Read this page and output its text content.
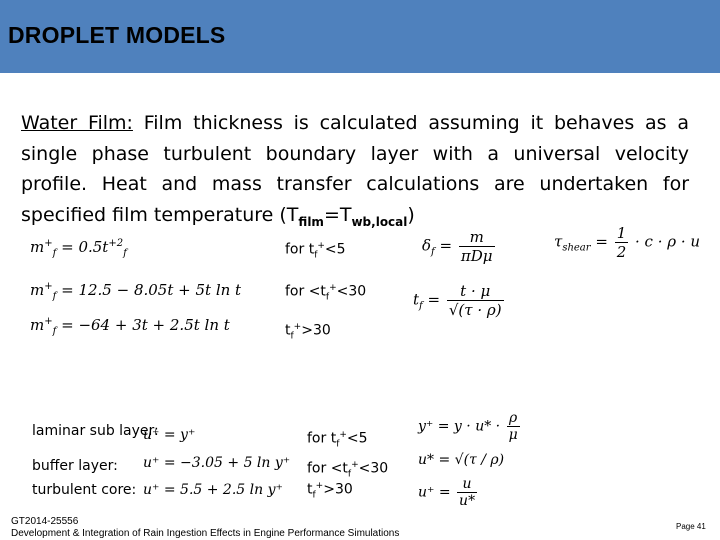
DROPLET MODELS
Water Film: Film thickness is calculated assuming it behaves as a single phase turbulent boundary layer with a universal velocity profile. Heat and mass transfer calculations are undertaken for specified film temperature $(T_{film}=T_{wb,local})$
$m^+_f = 0.5t^{+2}_f$
$m^+_f = 12.5 - 8.05t + 5t$ ln t
$m^+_f = -64 + 3t + 2.5t$ ln t
for $t_f^+<5$
for $<t_f^+<30$
$t_f^+>30$
$\delta_f = \frac{m}{\text{πDμ}}$
$t_f = \frac{t \cdot \mu}{√(\tau \cdot \rho)}$
$\tau_{shear} = \frac{1}{2} \cdot c \cdot \rho \cdot u$
laminar sub layer:
buffer layer:
turbulent core:
u⁺ = y⁺
u⁺ = −3.05 + 5 ln y⁺
u⁺ = 5.5 + 2.5 ln y⁺
for $t_f^+<5$
for $<t_f^+<30$
$t_f^+>30$
$y^+ = y \cdot u* \cdot \frac{\rho}{\mu}$
u* = √(τ / ρ)
$u^+ = \frac{u}{u*}$
GT2014-25556
Development & Integration of Rain Ingestion Effects in Engine Performance Simulations
Page 41
